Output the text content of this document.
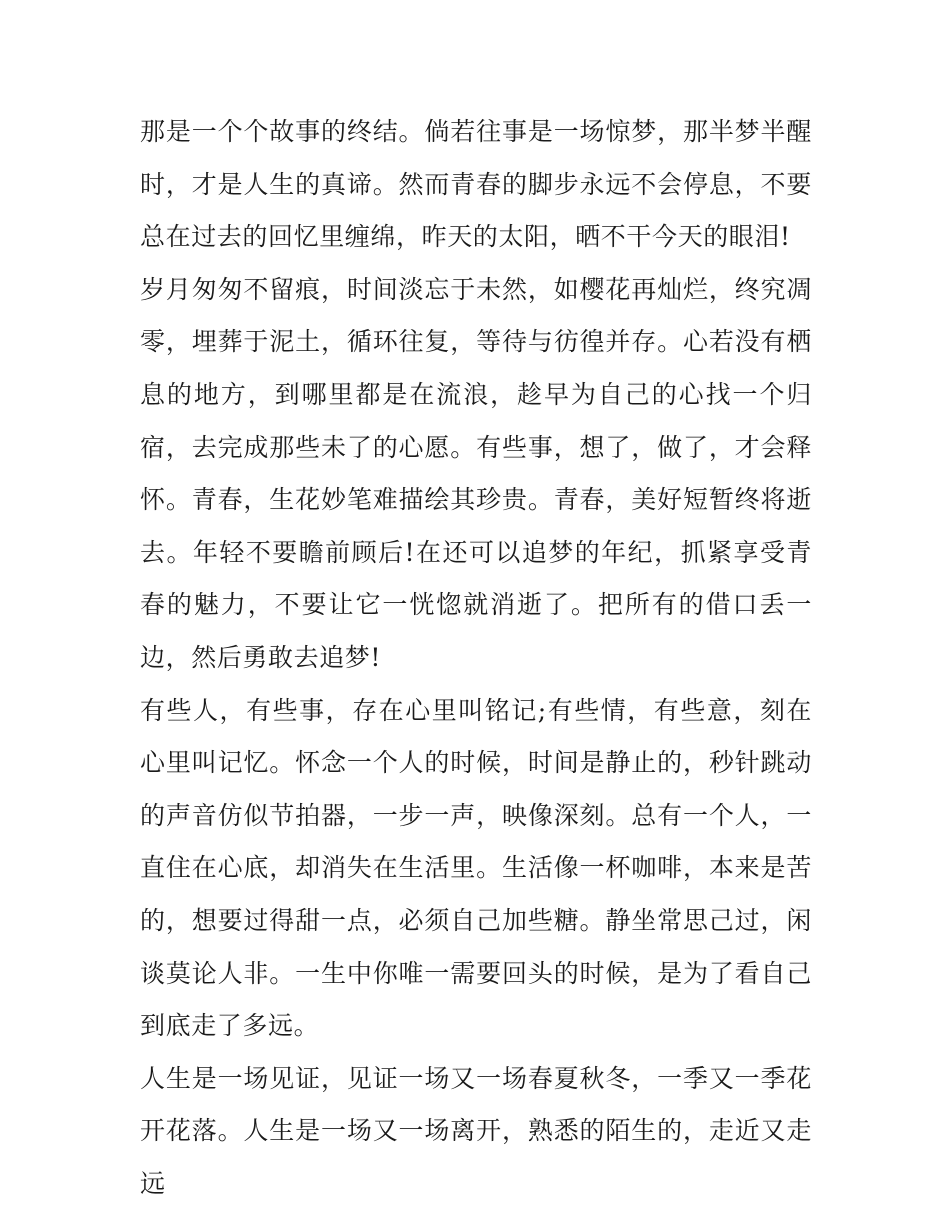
那是一个个故事的终结。倘若往事是一场惊梦，那半梦半醒时，才是人生的真谛。然而青春的脚步永远不会停息，不要总在过去的回忆里缠绵，昨天的太阳，晒不干今天的眼泪!

岁月匆匆不留痕，时间淡忘于未然，如樱花再灿烂，终究凋零，埋葬于泥土，循环往复，等待与彷徨并存。心若没有栖息的地方，到哪里都是在流浪，趁早为自己的心找一个归宿，去完成那些未了的心愿。有些事，想了，做了，才会释怀。青春，生花妙笔难描绘其珍贵。青春，美好短暂终将逝去。年轻不要瞻前顾后!在还可以追梦的年纪，抓紧享受青春的魅力，不要让它一恍惚就消逝了。把所有的借口丢一边，然后勇敢去追梦!

有些人，有些事，存在心里叫铭记;有些情，有些意，刻在心里叫记忆。怀念一个人的时候，时间是静止的，秒针跳动的声音仿似节拍器，一步一声，映像深刻。总有一个人，一直住在心底，却消失在生活里。生活像一杯咖啡，本来是苦的，想要过得甜一点，必须自己加些糖。静坐常思己过，闲谈莫论人非。一生中你唯一需要回头的时候，是为了看自己到底走了多远。

人生是一场见证，见证一场又一场春夏秋冬，一季又一季花开花落。人生是一场又一场离开，熟悉的陌生的，走近又走远
